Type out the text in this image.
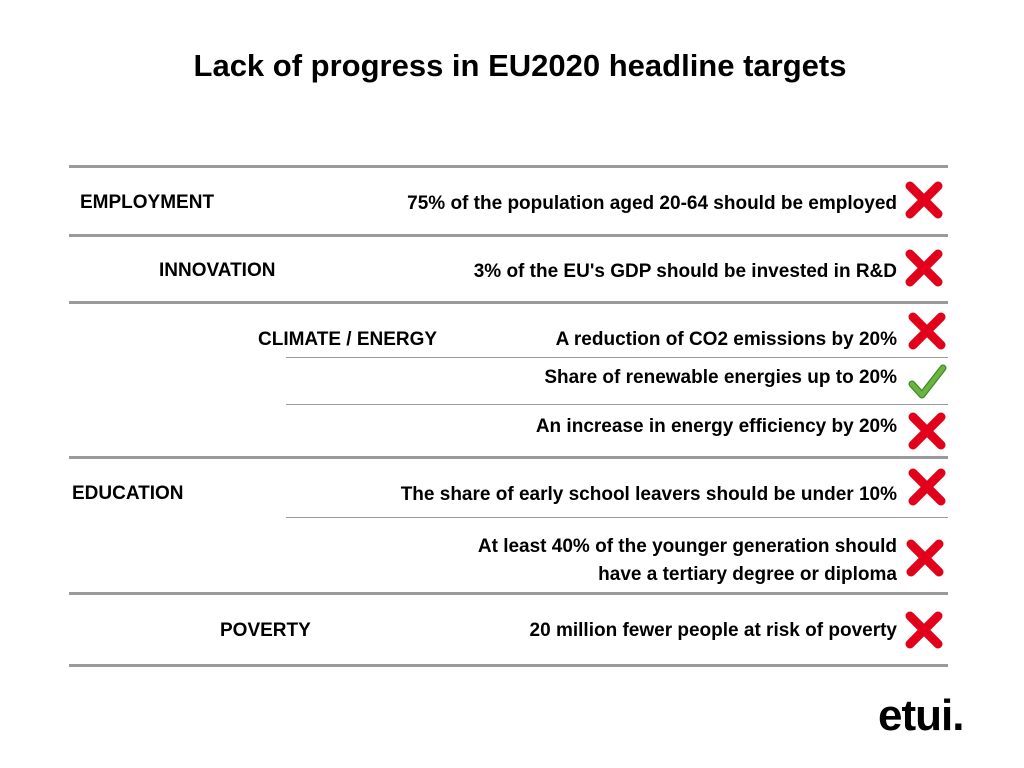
Lack of progress in EU2020 headline targets
EMPLOYMENT	75% of the population aged 20-64 should be employed
INNOVATION	3% of the EU's GDP should be invested in R&D
CLIMATE / ENERGY	A reduction of CO2 emissions by 20%
Share of renewable energies up to 20%
An increase in energy efficiency by 20%
EDUCATION	The share of early school leavers should be under 10%
At least 40% of the younger generation should
have a tertiary degree or diploma
POVERTY	20 million fewer people at risk of poverty
etui.
